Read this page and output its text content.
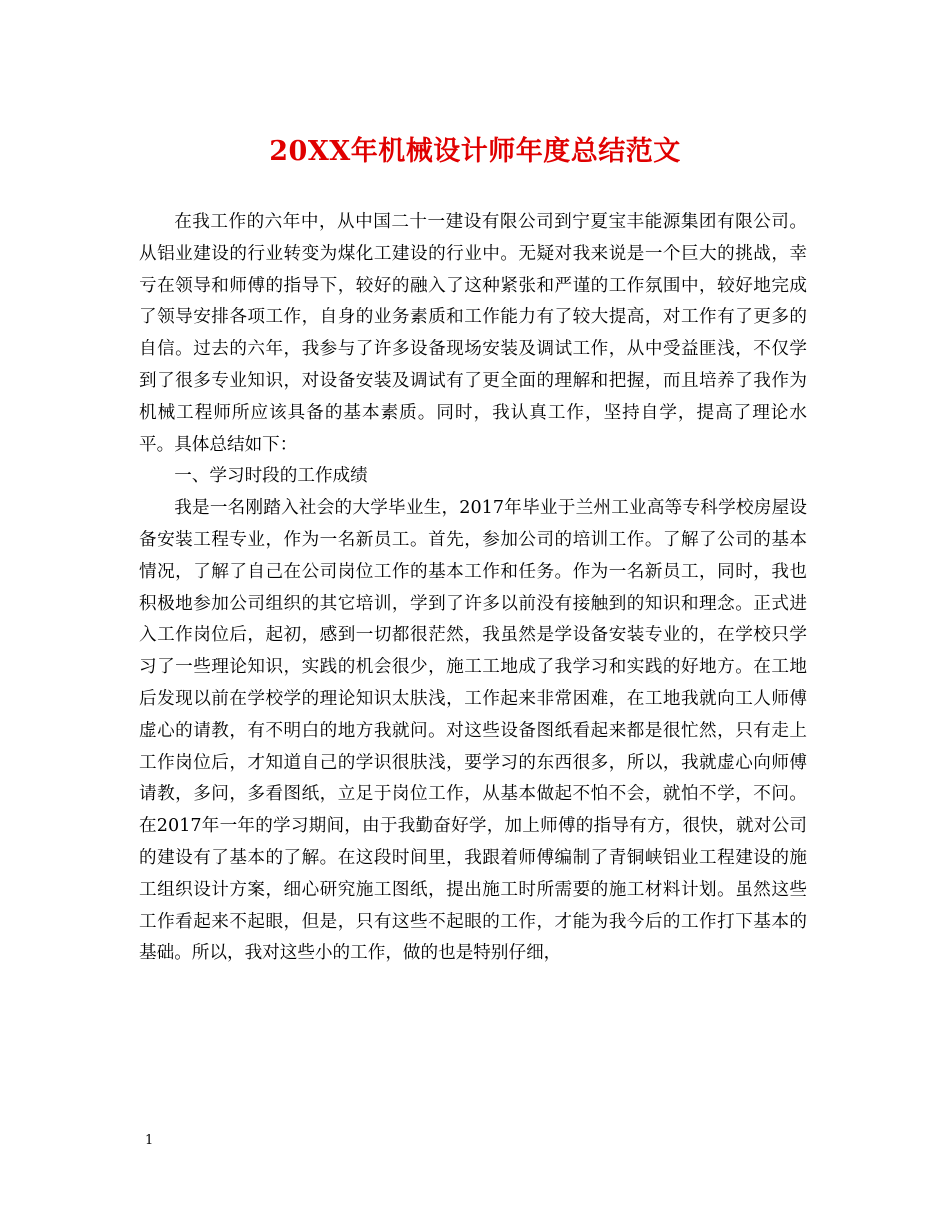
20XX年机械设计师年度总结范文

在我工作的六年中，从中国二十一建设有限公司到宁夏宝丰能源集团有限公司。从铝业建设的行业转变为煤化工建设的行业中。无疑对我来说是一个巨大的挑战，幸亏在领导和师傅的指导下，较好的融入了这种紧张和严谨的工作氛围中，较好地完成了领导安排各项工作，自身的业务素质和工作能力有了较大提高，对工作有了更多的自信。过去的六年，我参与了许多设备现场安装及调试工作，从中受益匪浅，不仅学到了很多专业知识，对设备安装及调试有了更全面的理解和把握，而且培养了我作为机械工程师所应该具备的基本素质。同时，我认真工作，坚持自学，提高了理论水平。具体总结如下：

一、学习时段的工作成绩

我是一名刚踏入社会的大学毕业生，2017年毕业于兰州工业高等专科学校房屋设备安装工程专业，作为一名新员工。首先，参加公司的培训工作。了解了公司的基本情况，了解了自己在公司岗位工作的基本工作和任务。作为一名新员工，同时，我也积极地参加公司组织的其它培训，学到了许多以前没有接触到的知识和理念。正式进入工作岗位后，起初，感到一切都很茫然，我虽然是学设备安装专业的，在学校只学习了一些理论知识，实践的机会很少，施工工地成了我学习和实践的好地方。在工地后发现以前在学校学的理论知识太肤浅，工作起来非常困难，在工地我就向工人师傅虚心的请教，有不明白的地方我就问。对这些设备图纸看起来都是很忙然，只有走上工作岗位后，才知道自己的学识很肤浅，要学习的东西很多，所以，我就虚心向师傅请教，多问，多看图纸，立足于岗位工作，从基本做起不怕不会，就怕不学，不问。在2017年一年的学习期间，由于我勤奋好学，加上师傅的指导有方，很快，就对公司的建设有了基本的了解。在这段时间里，我跟着师傅编制了青铜峡铝业工程建设的施工组织设计方案，细心研究施工图纸，提出施工时所需要的施工材料计划。虽然这些工作看起来不起眼，但是，只有这些不起眼的工作，才能为我今后的工作打下基本的基础。所以，我对这些小的工作，做的也是特别仔细，

1
